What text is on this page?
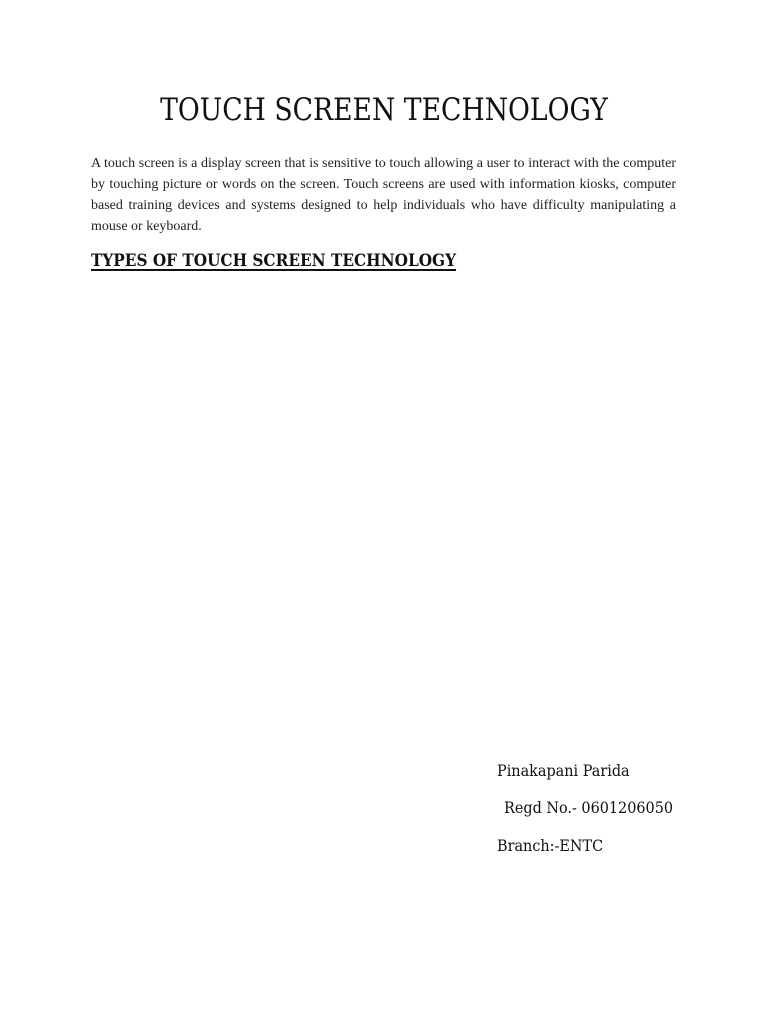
TOUCH SCREEN TECHNOLOGY

A touch screen is a display screen that is sensitive to touch allowing a user to interact with the computer by touching picture or words on the screen. Touch screens are used with information kiosks, computer based training devices and systems designed to help individuals who have difficulty manipulating a mouse or keyboard.

TYPES OF TOUCH SCREEN TECHNOLOGY
Pinakapani Parida
Regd No.- 0601206050
Branch:-ENTC
